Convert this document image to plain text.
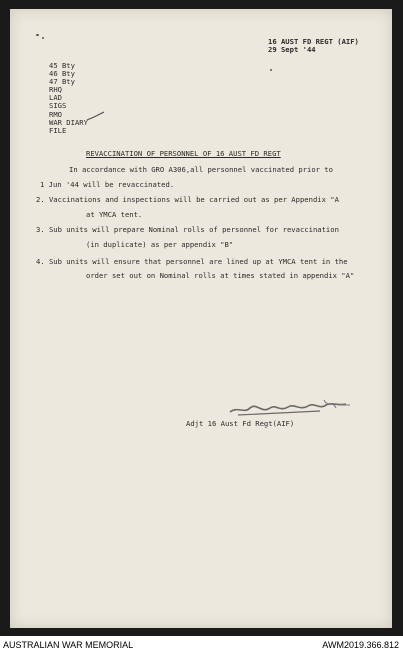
16 AUST FD REGT (AIF)
29 Sept '44
45 Bty
46 Bty
47 Bty
RHQ
LAD
SIGS
RMO
WAR DIARY
FILE
REVACCINATION OF PERSONNEL OF 16 AUST FD REGT
In accordance with GRO A306,all personnel vaccinated prior to
1 Jun '44 will be revaccinated.
2. Vaccinations and inspections will be carried out as per Appendix "A
at YMCA tent.
3. Sub units will prepare Nominal rolls of personnel for revaccination
(in duplicate) as per appendix "B"
4. Sub units will ensure that personnel are lined up at YMCA tent in the
order set out on Nominal rolls at times stated in appendix "A"
Adjt 16 Aust Fd Regt(AIF)
AUSTRALIAN WAR MEMORIAL	AWM2019.366.812
